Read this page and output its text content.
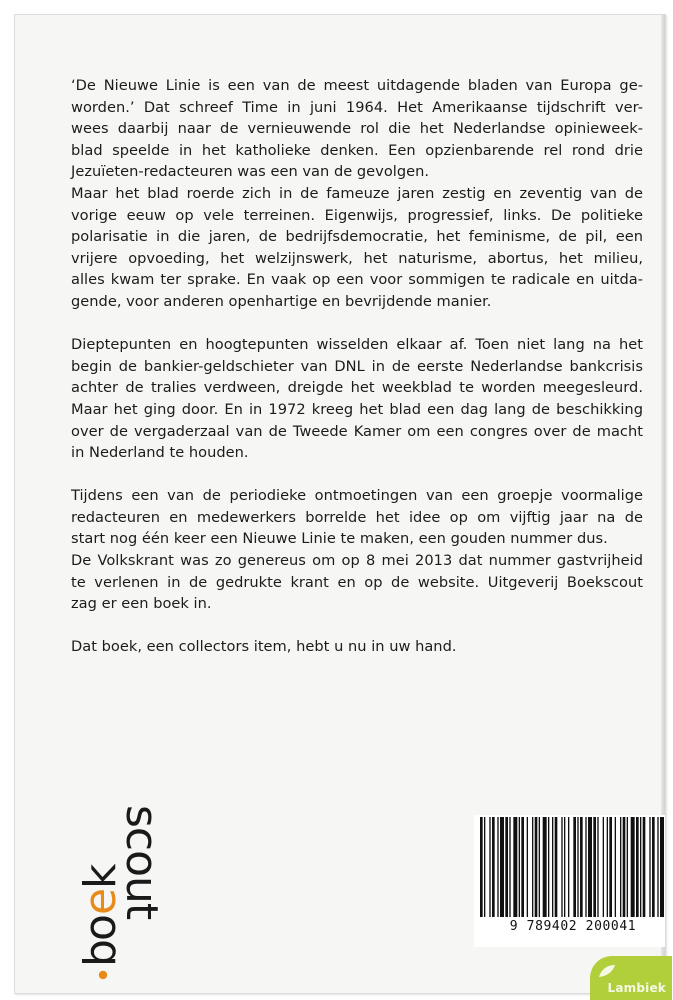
‘De Nieuwe Linie is een van de meest uitdagende bladen van Europa ge-
worden.’ Dat schreef Time in juni 1964. Het Amerikaanse tijdschrift ver-
wees daarbij naar de vernieuwende rol die het Nederlandse opinieweek-
blad speelde in het katholieke denken. Een opzienbarende rel rond drie
Jezuïeten-redacteuren was een van de gevolgen.
Maar het blad roerde zich in de fameuze jaren zestig en zeventig van de
vorige eeuw op vele terreinen. Eigenwijs, progressief, links. De politieke
polarisatie in die jaren, de bedrijfsdemocratie, het feminisme, de pil, een
vrijere opvoeding, het welzijnswerk, het naturisme, abortus, het milieu,
alles kwam ter sprake. En vaak op een voor sommigen te radicale en uitda-
gende, voor anderen openhartige en bevrijdende manier.

Dieptepunten en hoogtepunten wisselden elkaar af. Toen niet lang na het
begin de bankier-geldschieter van DNL in de eerste Nederlandse bankcrisis
achter de tralies verdween, dreigde het weekblad te worden meegesleurd.
Maar het ging door. En in 1972 kreeg het blad een dag lang de beschikking
over de vergaderzaal van de Tweede Kamer om een congres over de macht
in Nederland te houden.

Tijdens een van de periodieke ontmoetingen van een groepje voormalige
redacteuren en medewerkers borrelde het idee op om vijftig jaar na de
start nog één keer een Nieuwe Linie te maken, een gouden nummer dus.
De Volkskrant was zo genereus om op 8 mei 2013 dat nummer gastvrijheid
te verlenen in de gedrukte krant en op de website. Uitgeverij Boekscout
zag er een boek in.

Dat boek, een collectors item, hebt u nu in uw hand.

b
o
e
k
scout
9 789402 200041
Lambiek
